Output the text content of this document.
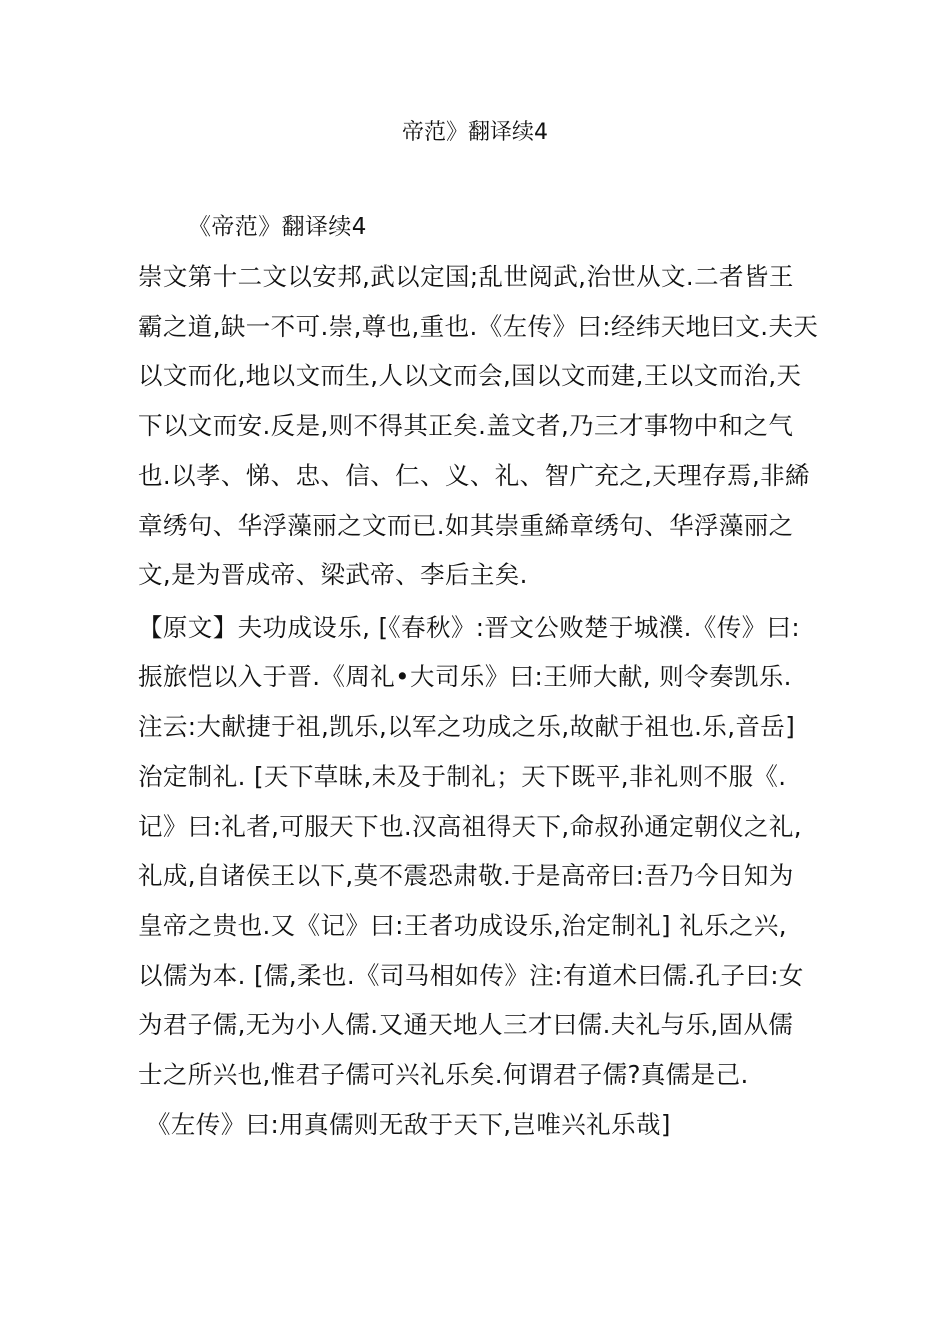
帝范》翻译续4
《帝范》翻译续4
崇文第十二文以安邦,武以定国;乱世阅武,治世从文.二者皆王
霸之道,缺一不可.崇,尊也,重也.《左传》曰:经纬天地曰文.夫天
以文而化,地以文而生,人以文而会,国以文而建,王以文而治,天
下以文而安.反是,则不得其正矣.盖文者,乃三才事物中和之气
也.以孝、悌、忠、信、仁、义、礼、智广充之,天理存焉,非絺
章绣句、华浮藻丽之文而已.如其崇重絺章绣句、华浮藻丽之
文,是为晋成帝、梁武帝、李后主矣.
【原文】夫功成设乐, [《春秋》:晋文公败楚于城濮.《传》曰:
振旅恺以入于晋.《周礼•大司乐》曰:王师大献, 则令奏凯乐.
注云:大献捷于祖,凯乐,以军之功成之乐,故献于祖也.乐,音岳]
治定制礼. [天下草昧,未及于制礼；天下既平,非礼则不服《.
记》曰:礼者,可服天下也.汉高祖得天下,命叔孙通定朝仪之礼,
礼成,自诸侯王以下,莫不震恐肃敬.于是高帝曰:吾乃今日知为
皇帝之贵也.又《记》曰:王者功成设乐,治定制礼] 礼乐之兴,
以儒为本. [儒,柔也.《司马相如传》注:有道术曰儒.孔子曰:女
为君子儒,无为小人儒.又通天地人三才曰儒.夫礼与乐,固从儒
士之所兴也,惟君子儒可兴礼乐矣.何谓君子儒?真儒是己.
《左传》曰:用真儒则无敌于天下,岂唯兴礼乐哉]
